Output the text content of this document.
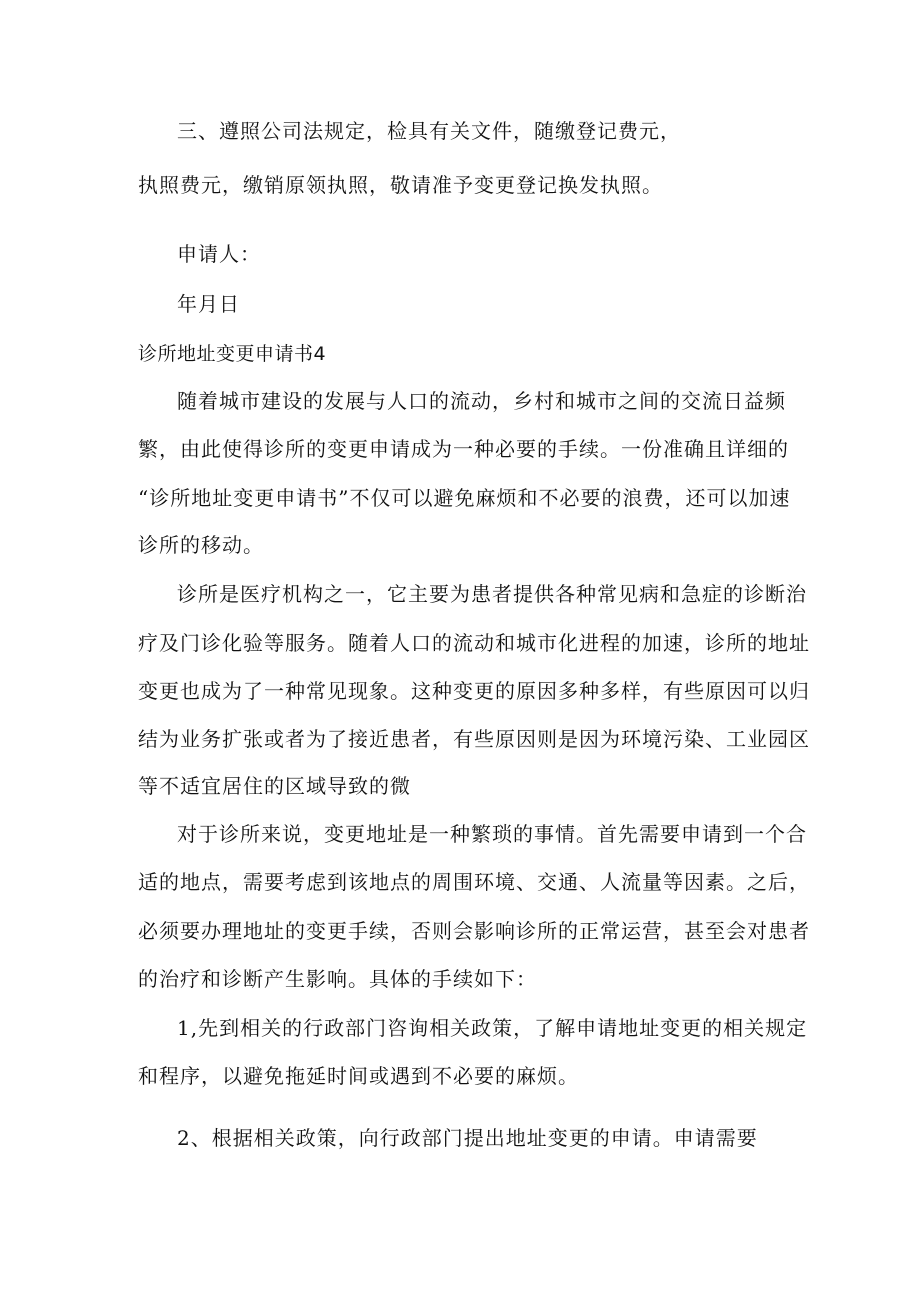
三、遵照公司法规定，检具有关文件，随缴登记费元，
执照费元，缴销原领执照，敬请准予变更登记换发执照。
申请人：
年月日
诊所地址变更申请书4
随着城市建设的发展与人口的流动，乡村和城市之间的交流日益频
繁，由此使得诊所的变更申请成为一种必要的手续。一份准确且详细的
“诊所地址变更申请书”不仅可以避免麻烦和不必要的浪费，还可以加速
诊所的移动。
诊所是医疗机构之一，它主要为患者提供各种常见病和急症的诊断治
疗及门诊化验等服务。随着人口的流动和城市化进程的加速，诊所的地址
变更也成为了一种常见现象。这种变更的原因多种多样，有些原因可以归
结为业务扩张或者为了接近患者，有些原因则是因为环境污染、工业园区
等不适宜居住的区域导致的微
对于诊所来说，变更地址是一种繁琐的事情。首先需要申请到一个合
适的地点，需要考虑到该地点的周围环境、交通、人流量等因素。之后，
必须要办理地址的变更手续，否则会影响诊所的正常运营，甚至会对患者
的治疗和诊断产生影响。具体的手续如下：
1,先到相关的行政部门咨询相关政策，了解申请地址变更的相关规定
和程序，以避免拖延时间或遇到不必要的麻烦。
2、根据相关政策，向行政部门提出地址变更的申请。申请需要
